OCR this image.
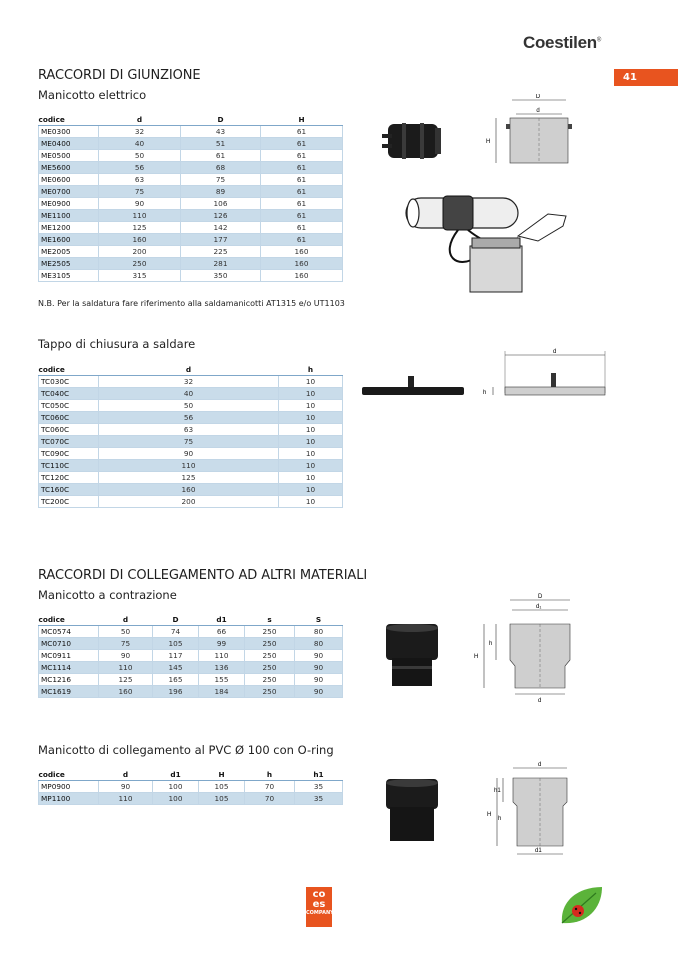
Coestilen®
41
RACCORDI DI GIUNZIONE
Manicotto elettrico
codice	d	D	H
ME0300	32	43	61
ME0400	40	51	61
ME0500	50	61	61
ME5600	56	68	61
ME0600	63	75	61
ME0700	75	89	61
ME0900	90	106	61
ME1100	110	126	61
ME1200	125	142	61
ME1600	160	177	61
ME2005	200	225	160
ME2505	250	281	160
ME3105	315	350	160
N.B. Per la saldatura fare riferimento alla saldamanicotti AT1315 e/o UT1103
D
d
H
Tappo di chiusura a saldare
codice	d	h
TC030C	32	10
TC040C	40	10
TC050C	50	10
TC060C	56	10
TC060C	63	10
TC070C	75	10
TC090C	90	10
TC110C	110	10
TC120C	125	10
TC160C	160	10
TC200C	200	10
d
h
RACCORDI DI COLLEGAMENTO AD ALTRI MATERIALI
Manicotto a contrazione
codice	d	D	d1	s	S
MC0574	50	74	66	250	80
MC0710	75	105	99	250	80
MC0911	90	117	110	250	90
MC1114	110	145	136	250	90
MC1216	125	165	155	250	90
MC1619	160	196	184	250	90
D
d₁
d
h
H
Manicotto di collegamento al PVC Ø 100 con O-ring
codice	d	d1	H	h	h1
MP0900	90	100	105	70	35
MP1100	110	100	105	70	35
d
h1
h
H
d1
co es
COMPANY
